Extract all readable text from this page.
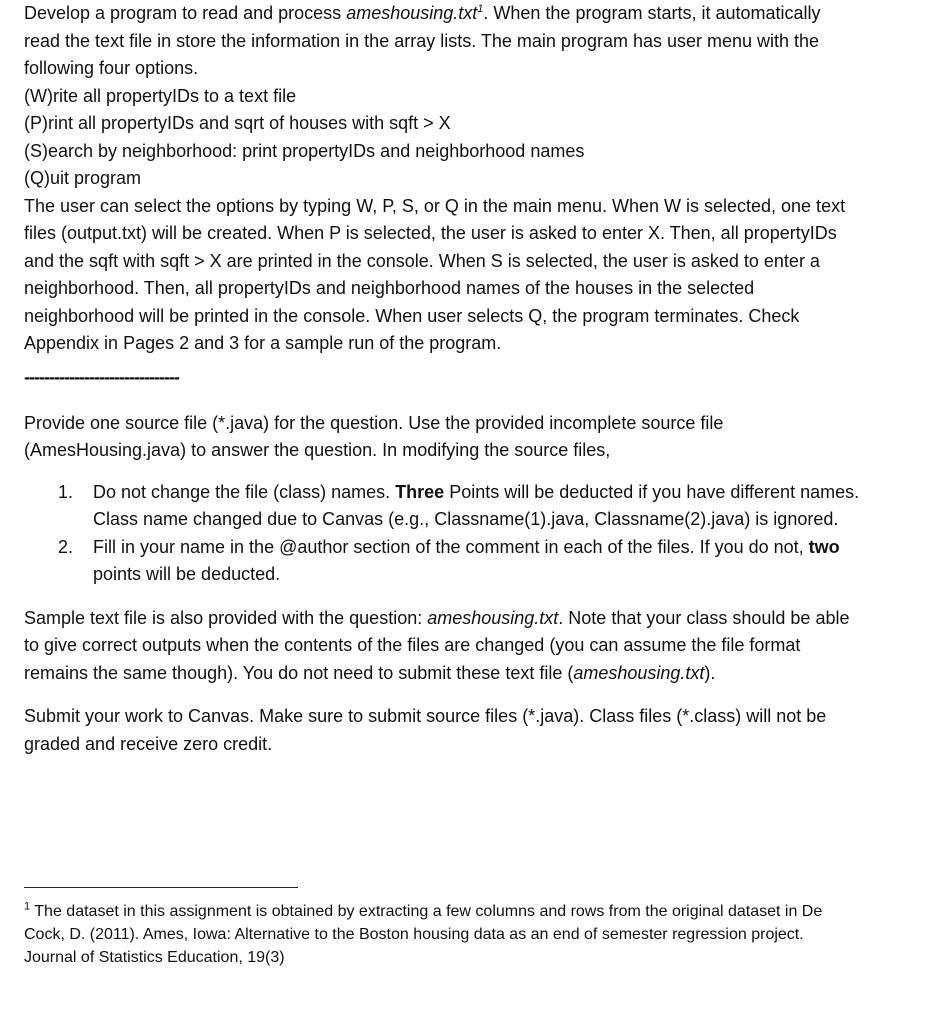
Develop a program to read and process ameshousing.txt$^1$. When the program starts, it automatically
read the text file in store the information in the array lists. The main program has user menu with the
following four options.
(W)rite all propertyIDs to a text file
(P)rint all propertyIDs and sqrt of houses with sqft > X
(S)earch by neighborhood: print propertyIDs and neighborhood names
(Q)uit program
The user can select the options by typing W, P, S, or Q in the main menu. When W is selected, one text
files (output.txt) will be created. When P is selected, the user is asked to enter X. Then, all propertyIDs
and the sqft with sqft > X are printed in the console. When S is selected, the user is asked to enter a
neighborhood. Then, all propertyIDs and neighborhood names of the houses in the selected
neighborhood will be printed in the console. When user selects Q, the program terminates. Check
Appendix in Pages 2 and 3 for a sample run of the program.
-------------------------------
Provide one source file (*.java) for the question. Use the provided incomplete source file
(AmesHousing.java) to answer the question. In modifying the source files,
1. Do not change the file (class) names. Three Points will be deducted if you have different names.
Class name changed due to Canvas (e.g., Classname(1).java, Classname(2).java) is ignored.
2. Fill in your name in the @author section of the comment in each of the files. If you do not, two
points will be deducted.
Sample text file is also provided with the question: ameshousing.txt. Note that your class should be able
to give correct outputs when the contents of the files are changed (you can assume the file format
remains the same though). You do not need to submit these text file (ameshousing.txt).
Submit your work to Canvas. Make sure to submit source files (*.java). Class files (*.class) will not be
graded and receive zero credit.
$^1$ The dataset in this assignment is obtained by extracting a few columns and rows from the original dataset in De
Cock, D. (2011). Ames, Iowa: Alternative to the Boston housing data as an end of semester regression project.
Journal of Statistics Education, 19(3)
